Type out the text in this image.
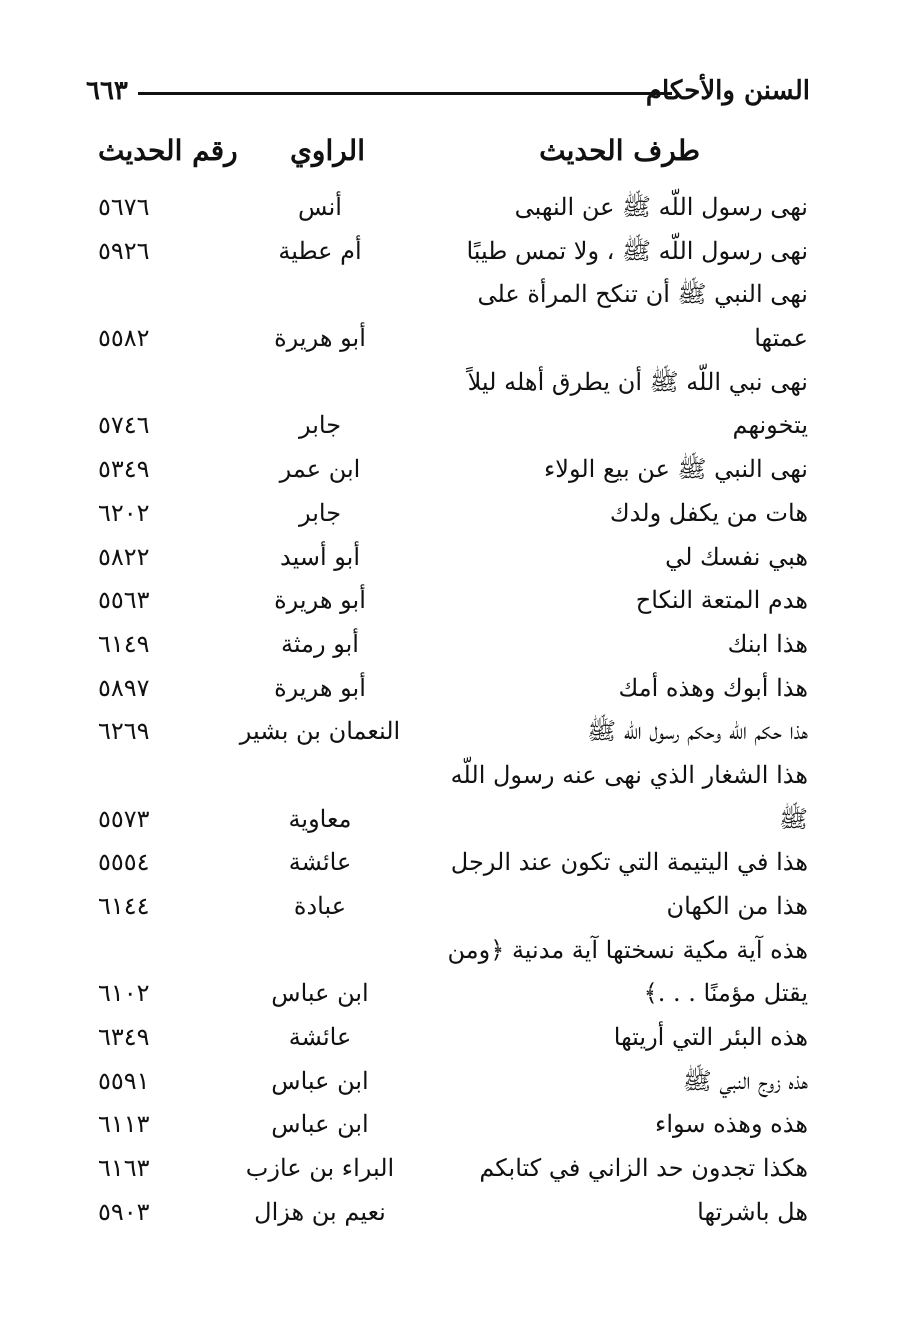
٦٦٣	السنن والأحكام
طرف الحديث
الراوي
رقم الحديث
نهى رسول اللّه ﷺ عن النهبى
أنس
٥٦٧٦
نهى رسول اللّه ﷺ ، ولا تمس طيبًا
أم عطية
٥٩٢٦
نهى النبي ﷺ أن تنكح المرأة على
عمتها
أبو هريرة
٥٥٨٢
نهى نبي اللّه ﷺ أن يطرق أهله ليلاً
يتخونهم
جابر
٥٧٤٦
نهى النبي ﷺ عن بيع الولاء
ابن عمر
٥٣٤٩
هات من يكفل ولدك
جابر
٦٢٠٢
هبي نفسك لي
أبو أسيد
٥٨٢٢
هدم المتعة النكاح
أبو هريرة
٥٥٦٣
هذا ابنك
أبو رمثة
٦١٤٩
هذا أبوك وهذه أمك
أبو هريرة
٥٨٩٧
هذا حكم اللّه وحكم رسول اللّه ﷺ
النعمان بن بشير
٦٢٦٩
هذا الشغار الذي نهى عنه رسول اللّه
ﷺ
معاوية
٥٥٧٣
هذا في اليتيمة التي تكون عند الرجل
عائشة
٥٥٥٤
هذا من الكهان
عبادة
٦١٤٤
هذه آية مكية نسختها آية مدنية ﴿ومن
يقتل مؤمنًا . . .﴾
ابن عباس
٦١٠٢
هذه البئر التي أريتها
عائشة
٦٣٤٩
هذه زوج النبي ﷺ
ابن عباس
٥٥٩١
هذه وهذه سواء
ابن عباس
٦١١٣
هكذا تجدون حد الزاني في كتابكم
البراء بن عازب
٦١٦٣
هل باشرتها
نعيم بن هزال
٥٩٠٣
